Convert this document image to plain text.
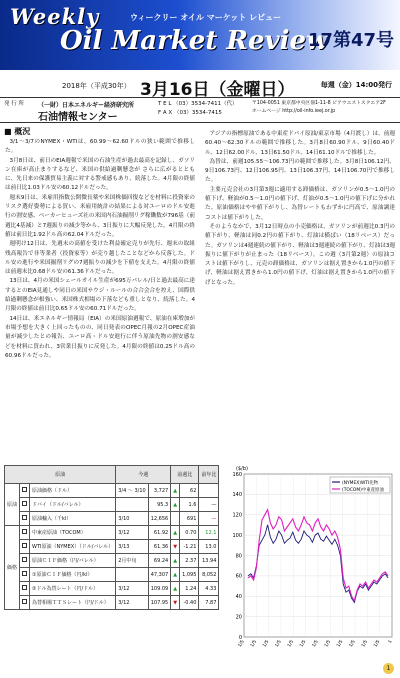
Weekly	ウィークリー オイル マーケット レビュー
Oil Market Review
17第47号
2018年（平成30年） 3月16日（金曜日）	毎週（金）14:00発行
発 行 所 （一財）日本エネルギー経済研究所
石油情報センター
T E L （03）3534-7411（代）
F A X （03）3534-7415
〒104-0051 東京都中央区佃1-11-8 ピアウエストスクエア2F
ホームページ http://oil-info.ieej.or.jp
■ 概況

3/1～3/7のNYMEX・WTIは、60.99～62.60ドルの狭い範囲で推移した。

3月8日は、前日のEIA週報で米国の石油生産が過去最高を記録し、ガソリン在庫が高止まりするなど、米国の供給過剰懸念が さらに広がるとともに、先日来の保護貿易主義に対する警戒感もあり、続落した。4月限の終値は前日比1.03ドル安の60.12ドルだった。

週末9日は、米雇用指数公開微長薬や米国株価回復などを材料に投資家のリスク選好姿勢による買い、米雇用統計の結果による対ユーロのドル安進行の割安感、ベーカーヒューズ社の米国内石油掘削リグ稼働数が796基（前週比4基減）と7週振りの減少等から、3日振りに大幅反発した。4月限の終値は前日比1.92ドル高の62.04ドルだった。

週明け12日は、先週末の高値を受けた利益確定売りが先行、週末の取組残高報告で非等業者（投資家等）が売り越したことなどから反落した。ドル安の進行や米国掘削リグの7週振りの減少を下値を支えた。4月限の終値は前週末比0.68ドル安の61.36ドルだった。

13日は、4月の米国シェールオイル生産が695万バレル/日と過去最高に達するとのEIA見通しや同日の米国サウジ・ルールの合合会合を控え、国際供給過剰懸念が根強い、米国株式相場の下落なども重しとなり、続落した。4月限の終値は前日比0.65ドル安の60.71ドルだった。

14日は、米エネルギー情報局（EIA）の米国原油週報で、原油在庫増加が市場予想を大きく上回ったものの、同日発表のOPEC月報の2月OPEC産油量が減少したとの報告、ユーロ高・ドル安進行に伴う原油先物の割安感などを材料に買われ、3営業日振りに反発した。4月限の終値は0.25ドル高の60.96ドルだった。

アジアの指標原油である中東産ドバイ原油/東京市場（4月渡し）は、前週60.40～62.30ドルの範囲で推移した。3月8日60.90ドル、9日60.40ドル、12日62.00ドル、13日61.50ドル、14日61.10ドルで推移した。

為替は、前週105.55～106.73円の範囲で推移した。3月8日106.12円、9日106.73円、12日106.95円、13日106.37円、14日106.70円で推移した。

主要元売会社の3月第3週に適用する卸価格は、ガソリンが0.5～1.0円の値下げ、軽油が0.5～1.0円の値下げ、灯油が0.5～1.0円の値下げに分かれた。原油価格はやや値下がりし、為替レートもわずかに円高で、原油調達コストは値下がりした。

そのようなかで、3月12日時点の小売価格は、ガソリンが前週比0.3円の値下がり、軽油は同0.2円の値下がり、灯油は横ばい（18リベース）だった。ガソリンは4週連続の値下がり、軽油は3週連続の値下がり、灯油は3週振りに値下がりが止まった（18リベース）。この週（3月第2週）の原油コストは値下がりし、元売の卸価格は、ガソリンは据え置きから1.0円の値下げ、軽油は据え置きから1.0円の値下げ、灯油は据え置きから1.0円の値下げとなった。

原油			今週		前週比		前年比
原油		原油価格（ドル）	3/4 ～ 3/10	3,727	▲	62	
		ドバイ（ドル/バレル）		95.3	▲	1.6	—
		原油輸入（千kl）	3/10	12,656		691	—
価格		中東産原油（TOCOM）	3/12	61.92	▲	0.70	12.1
		WTI原油（NYMEX）（ドル/バレル）	3/13	61.36	▼	-1.21	13.0
		原油ＣＩＦ価格（円/バレル）	2月中旬	69.24	▲	2.37	13.94
		①原油ＣＩＦ価格（円/kl）		47,307	▲	1,095	8,052
		②ドル為替レート（円/ドル）	3/12	109.09	▲	1.24	4.33
		為替相場ＴＴＳレート（円/ドル）	3/12	107.95	▼	-0.40	7.87
($/b)
0
20
40
60
80
100
120
140
160
1/5 1/5 1/5 1/5 1/5 1/5 1/5 1/5 1/5 1/5 1/5 1/5 1
(NYMEX)WTI先物
(TOCOM)中東産原油
1
